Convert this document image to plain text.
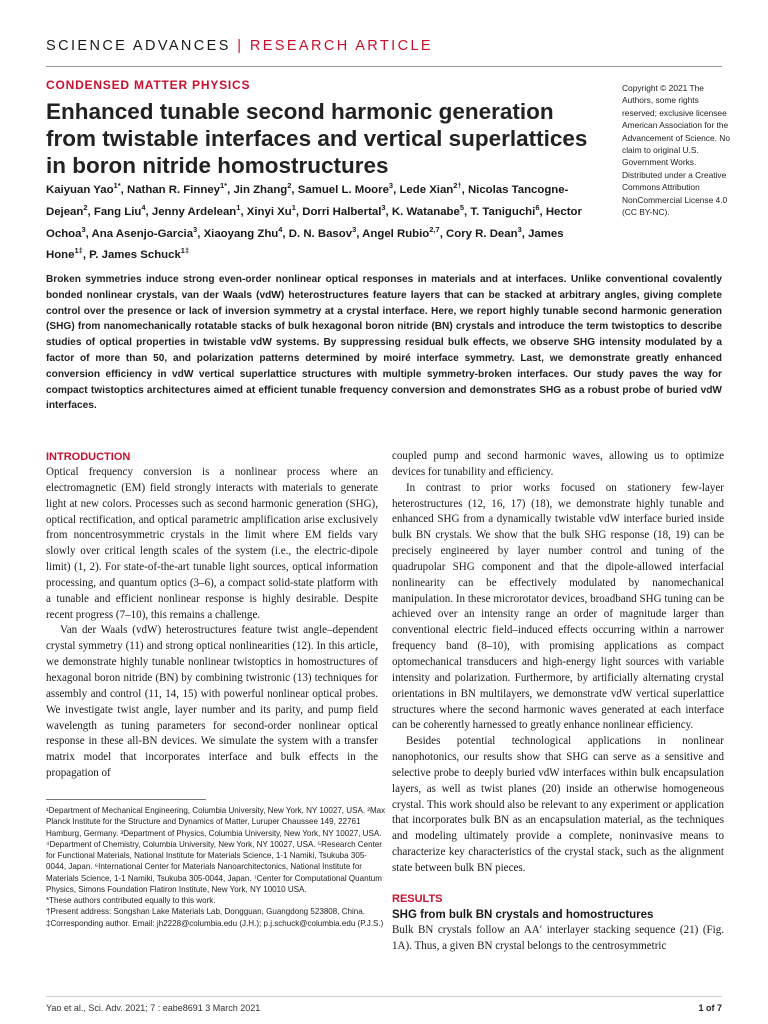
SCIENCE ADVANCES | RESEARCH ARTICLE
CONDENSED MATTER PHYSICS
Enhanced tunable second harmonic generation from twistable interfaces and vertical superlattices in boron nitride homostructures
Copyright © 2021 The Authors, some rights reserved; exclusive licensee American Association for the Advancement of Science. No claim to original U.S. Government Works. Distributed under a Creative Commons Attribution NonCommercial License 4.0 (CC BY-NC).
Kaiyuan Yao$^{1*}$, Nathan R. Finney$^{1*}$, Jin Zhang$^2$, Samuel L. Moore$^3$, Lede Xian$^{2\dagger}$, Nicolas Tancogne-Dejean$^2$, Fang Liu$^4$, Jenny Ardelean$^1$, Xinyi Xu$^1$, Dorri Halbertal$^3$, K. Watanabe$^5$, T. Taniguchi$^6$, Hector Ochoa$^3$, Ana Asenjo-Garcia$^3$, Xiaoyang Zhu$^4$, D. N. Basov$^3$, Angel Rubio$^{2,7}$, Cory R. Dean$^3$, James Hone$^{1\ddagger}$, P. James Schuck$^{1\ddagger}$
Broken symmetries induce strong even-order nonlinear optical responses in materials and at interfaces. Unlike conventional covalently bonded nonlinear crystals, van der Waals (vdW) heterostructures feature layers that can be stacked at arbitrary angles, giving complete control over the presence or lack of inversion symmetry at a crystal interface. Here, we report highly tunable second harmonic generation (SHG) from nanomechanically rotatable stacks of bulk hexagonal boron nitride (BN) crystals and introduce the term twistoptics to describe studies of optical properties in twistable vdW systems. By suppressing residual bulk effects, we observe SHG intensity modulated by a factor of more than 50, and polarization patterns determined by moiré interface symmetry. Last, we demonstrate greatly enhanced conversion efficiency in vdW vertical superlattice structures with multiple symmetry-broken interfaces. Our study paves the way for compact twistoptics architectures aimed at efficient tunable frequency conversion and demonstrates SHG as a robust probe of buried vdW interfaces.
INTRODUCTION

Optical frequency conversion is a nonlinear process where an electromagnetic (EM) field strongly interacts with materials to generate light at new colors. Processes such as second harmonic generation (SHG), optical rectification, and optical parametric amplification arise exclusively from noncentrosymmetric crystals in the limit where EM fields vary slowly over critical length scales of the system (i.e., the electric-dipole limit) (1, 2). For state-of-the-art tunable light sources, optical information processing, and quantum optics (3–6), a compact solid-state platform with a tunable and efficient nonlinear response is highly desirable. Despite recent progress (7–10), this remains a challenge.

Van der Waals (vdW) heterostructures feature twist angle–dependent crystal symmetry (11) and strong optical nonlinearities (12). In this article, we demonstrate highly tunable nonlinear twistoptics in homostructures of hexagonal boron nitride (BN) by combining twistronic (13) techniques for assembly and control (11, 14, 15) with powerful nonlinear optical probes. We investigate twist angle, layer number and its parity, and pump field wavelength as tuning parameters for second-order nonlinear optical response in these all-BN devices. We simulate the system with a transfer matrix model that incorporates interface and bulk effects in the propagation of

coupled pump and second harmonic waves, allowing us to optimize devices for tunability and efficiency.

In contrast to prior works focused on stationery few-layer heterostructures (12, 16, 17) (18), we demonstrate highly tunable and enhanced SHG from a dynamically twistable vdW interface buried inside bulk BN crystals. We show that the bulk SHG response (18, 19) can be precisely engineered by layer number control and tuning of the quadrupolar SHG component and that the dipole-allowed interfacial nonlinearity can be effectively modulated by nanomechanical manipulation. In these microrotator devices, broadband SHG tuning can be achieved over an intensity range an order of magnitude larger than conventional electric field–induced effects occurring within a narrower frequency band (8–10), with promising applications as compact optomechanical transducers and high-energy light sources with variable intensity and polarization. Furthermore, by artificially alternating crystal orientations in BN multilayers, we demonstrate vdW vertical superlattice structures where the second harmonic waves generated at each interface can be coherently harnessed to greatly enhance nonlinear efficiency.

Besides potential technological applications in nonlinear nanophotonics, our results show that SHG can serve as a sensitive and selective probe to deeply buried vdW interfaces within bulk encapsulation layers, as well as twist planes (20) inside an otherwise homogeneous crystal. This work should also be relevant to any experiment or application that incorporates bulk BN as an encapsulation material, as the techniques and modeling ultimately provide a complete, noninvasive means to characterize key characteristics of the crystal stack, such as the alignment state between bulk BN pieces.

RESULTS
SHG from bulk BN crystals and homostructures

Bulk BN crystals follow an AA′ interlayer stacking sequence (21) (Fig. 1A). Thus, a given BN crystal belongs to the centrosymmetric

¹Department of Mechanical Engineering, Columbia University, New York, NY 10027, USA. ²Max Planck Institute for the Structure and Dynamics of Matter, Luruper Chaussee 149, 22761 Hamburg, Germany. ³Department of Physics, Columbia University, New York, NY 10027, USA. ⁴Department of Chemistry, Columbia University, New York, NY 10027, USA. ⁵Research Center for Functional Materials, National Institute for Materials Science, 1-1 Namiki, Tsukuba 305-0044, Japan. ⁶International Center for Materials Nanoarchitectonics, National Institute for Materials Science, 1-1 Namiki, Tsukuba 305-0044, Japan. ⁷Center for Computational Quantum Physics, Simons Foundation Flatiron Institute, New York, NY 10010 USA.
*These authors contributed equally to this work.
†Present address: Songshan Lake Materials Lab, Dongguan, Guangdong 523808, China.
‡Corresponding author. Email: jh2228@columbia.edu (J.H.); p.j.schuck@columbia.edu (P.J.S.)
Yao et al., Sci. Adv. 2021; 7 : eabe8691 3 March 2021	1 of 7
